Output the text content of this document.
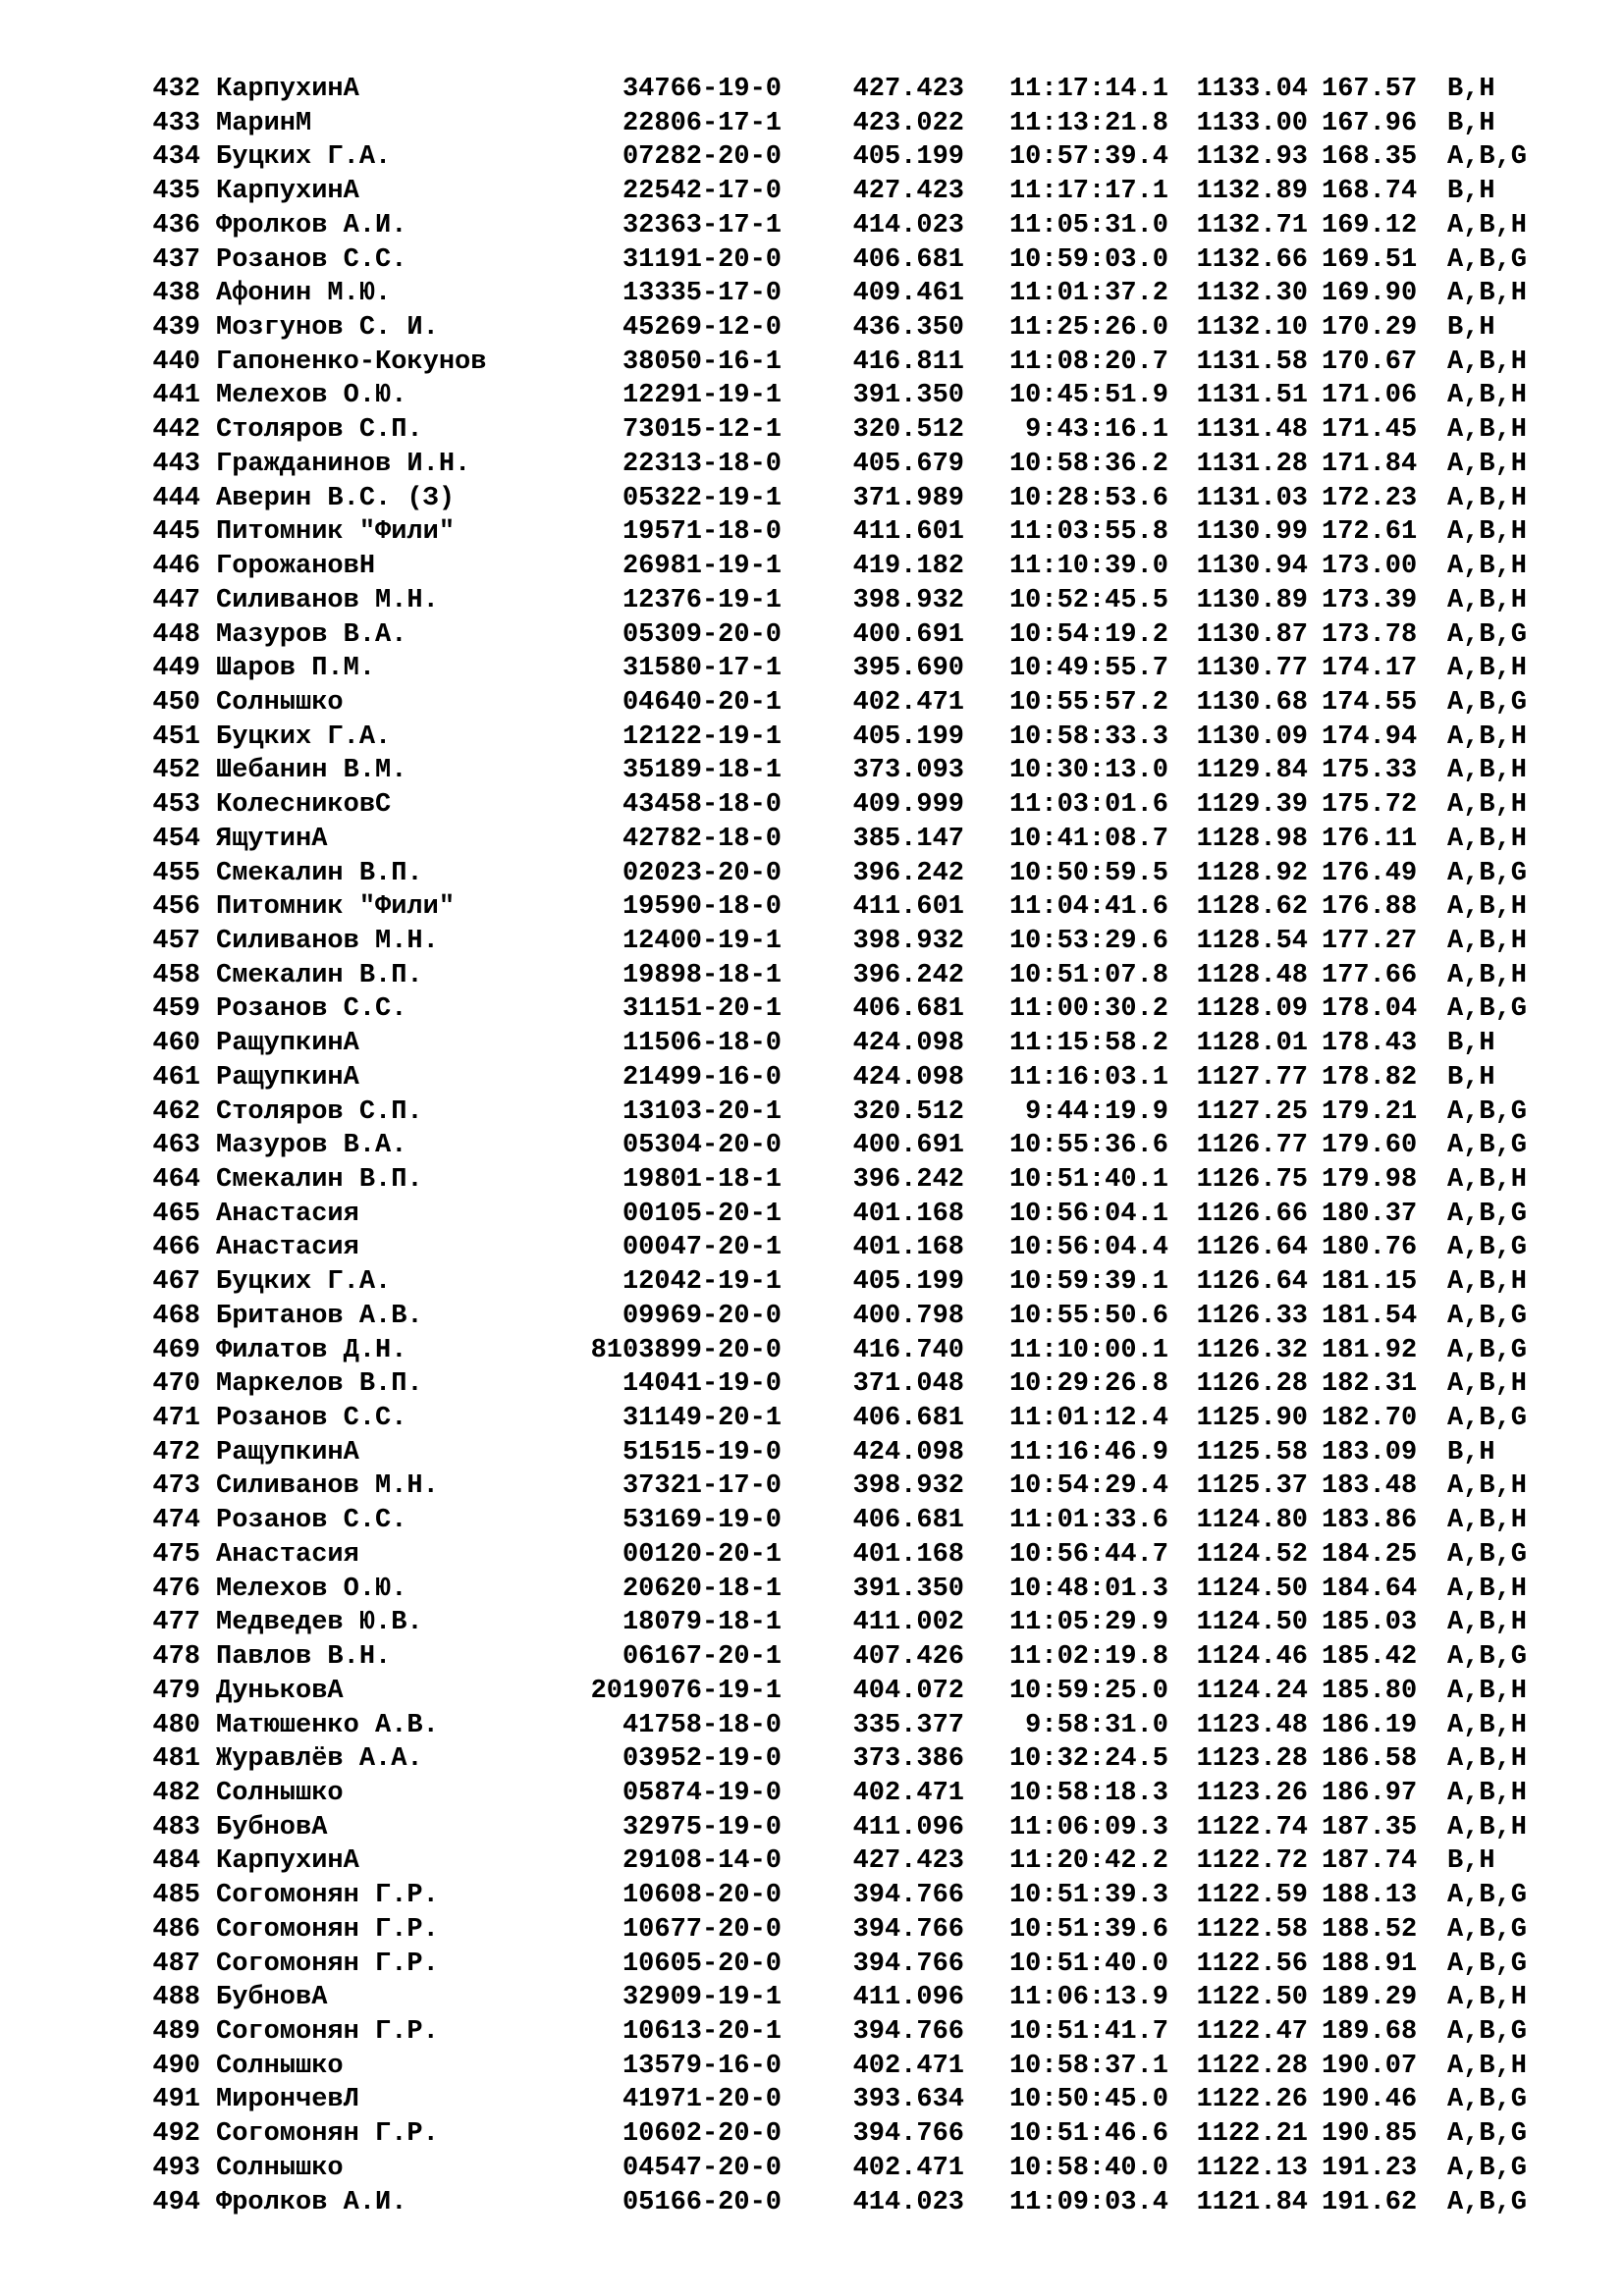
432 КарпухинА	34766-19-0	427.423 11:17:14.1 1133.04 167.57 B,H
433 МаринМ	22806-17-1	423.022 11:13:21.8 1133.00 167.96 B,H
434 Буцких Г.А.	07282-20-0	405.199 10:57:39.4 1132.93 168.35 A,B,G
435 КарпухинА	22542-17-0	427.423 11:17:17.1 1132.89 168.74 B,H
436 Фролков А.И.	32363-17-1	414.023 11:05:31.0 1132.71 169.12 A,B,H
437 Розанов С.С.	31191-20-0	406.681 10:59:03.0 1132.66 169.51 A,B,G
438 Афонин М.Ю.	13335-17-0	409.461 11:01:37.2 1132.30 169.90 A,B,H
439 Мозгунов С. И.	45269-12-0	436.350 11:25:26.0 1132.10 170.29 B,H
440 Гапоненко-Кокунов	38050-16-1	416.811 11:08:20.7 1131.58 170.67 A,B,H
441 Мелехов О.Ю.	12291-19-1	391.350 10:45:51.9 1131.51 171.06 A,B,H
442 Столяров С.П.	73015-12-1	320.512 9:43:16.1 1131.48 171.45 A,B,H
443 Гражданинов И.Н.	22313-18-0	405.679 10:58:36.2 1131.28 171.84 A,B,H
444 Аверин В.С. (З)	05322-19-1	371.989 10:28:53.6 1131.03 172.23 A,B,H
445 Питомник "Фили"	19571-18-0	411.601 11:03:55.8 1130.99 172.61 A,B,H
446 ГорожановН	26981-19-1	419.182 11:10:39.0 1130.94 173.00 A,B,H
447 Силиванов М.Н.	12376-19-1	398.932 10:52:45.5 1130.89 173.39 A,B,H
448 Мазуров В.А.	05309-20-0	400.691 10:54:19.2 1130.87 173.78 A,B,G
449 Шаров П.М.	31580-17-1	395.690 10:49:55.7 1130.77 174.17 A,B,H
450 Солнышко	04640-20-1	402.471 10:55:57.2 1130.68 174.55 A,B,G
451 Буцких Г.А.	12122-19-1	405.199 10:58:33.3 1130.09 174.94 A,B,H
452 Шебанин В.М.	35189-18-1	373.093 10:30:13.0 1129.84 175.33 A,B,H
453 КолесниковС	43458-18-0	409.999 11:03:01.6 1129.39 175.72 A,B,H
454 ЯщутинА	42782-18-0	385.147 10:41:08.7 1128.98 176.11 A,B,H
455 Смекалин В.П.	02023-20-0	396.242 10:50:59.5 1128.92 176.49 A,B,G
456 Питомник "Фили"	19590-18-0	411.601 11:04:41.6 1128.62 176.88 A,B,H
457 Силиванов М.Н.	12400-19-1	398.932 10:53:29.6 1128.54 177.27 A,B,H
458 Смекалин В.П.	19898-18-1	396.242 10:51:07.8 1128.48 177.66 A,B,H
459 Розанов С.С.	31151-20-1	406.681 11:00:30.2 1128.09 178.04 A,B,G
460 РащупкинА	11506-18-0	424.098 11:15:58.2 1128.01 178.43 B,H
461 РащупкинА	21499-16-0	424.098 11:16:03.1 1127.77 178.82 B,H
462 Столяров С.П.	13103-20-1	320.512 9:44:19.9 1127.25 179.21 A,B,G
463 Мазуров В.А.	05304-20-0	400.691 10:55:36.6 1126.77 179.60 A,B,G
464 Смекалин В.П.	19801-18-1	396.242 10:51:40.1 1126.75 179.98 A,B,H
465 Анастасия	00105-20-1	401.168 10:56:04.1 1126.66 180.37 A,B,G
466 Анастасия	00047-20-1	401.168 10:56:04.4 1126.64 180.76 A,B,G
467 Буцких Г.А.	12042-19-1	405.199 10:59:39.1 1126.64 181.15 A,B,H
468 Британов А.В.	09969-20-0	400.798 10:55:50.6 1126.33 181.54 A,B,G
469 Филатов Д.Н.	8103899-20-0	416.740 11:10:00.1 1126.32 181.92 A,B,G
470 Маркелов В.П.	14041-19-0	371.048 10:29:26.8 1126.28 182.31 A,B,H
471 Розанов С.С.	31149-20-1	406.681 11:01:12.4 1125.90 182.70 A,B,G
472 РащупкинА	51515-19-0	424.098 11:16:46.9 1125.58 183.09 B,H
473 Силиванов М.Н.	37321-17-0	398.932 10:54:29.4 1125.37 183.48 A,B,H
474 Розанов С.С.	53169-19-0	406.681 11:01:33.6 1124.80 183.86 A,B,H
475 Анастасия	00120-20-1	401.168 10:56:44.7 1124.52 184.25 A,B,G
476 Мелехов О.Ю.	20620-18-1	391.350 10:48:01.3 1124.50 184.64 A,B,H
477 Медведев Ю.В.	18079-18-1	411.002 11:05:29.9 1124.50 185.03 A,B,H
478 Павлов В.Н.	06167-20-1	407.426 11:02:19.8 1124.46 185.42 A,B,G
479 ДуньковА	2019076-19-1	404.072 10:59:25.0 1124.24 185.80 A,B,H
480 Матюшенко А.В.	41758-18-0	335.377 9:58:31.0 1123.48 186.19 A,B,H
481 Журавлёв А.А.	03952-19-0	373.386 10:32:24.5 1123.28 186.58 A,B,H
482 Солнышко	05874-19-0	402.471 10:58:18.3 1123.26 186.97 A,B,H
483 БубновА	32975-19-0	411.096 11:06:09.3 1122.74 187.35 A,B,H
484 КарпухинА	29108-14-0	427.423 11:20:42.2 1122.72 187.74 B,H
485 Согомонян Г.Р.	10608-20-0	394.766 10:51:39.3 1122.59 188.13 A,B,G
486 Согомонян Г.Р.	10677-20-0	394.766 10:51:39.6 1122.58 188.52 A,B,G
487 Согомонян Г.Р.	10605-20-0	394.766 10:51:40.0 1122.56 188.91 A,B,G
488 БубновА	32909-19-1	411.096 11:06:13.9 1122.50 189.29 A,B,H
489 Согомонян Г.Р.	10613-20-1	394.766 10:51:41.7 1122.47 189.68 A,B,G
490 Солнышко	13579-16-0	402.471 10:58:37.1 1122.28 190.07 A,B,H
491 МирончевЛ	41971-20-0	393.634 10:50:45.0 1122.26 190.46 A,B,G
492 Согомонян Г.Р.	10602-20-0	394.766 10:51:46.6 1122.21 190.85 A,B,G
493 Солнышко	04547-20-0	402.471 10:58:40.0 1122.13 191.23 A,B,G
494 Фролков А.И.	05166-20-0	414.023 11:09:03.4 1121.84 191.62 A,B,G
